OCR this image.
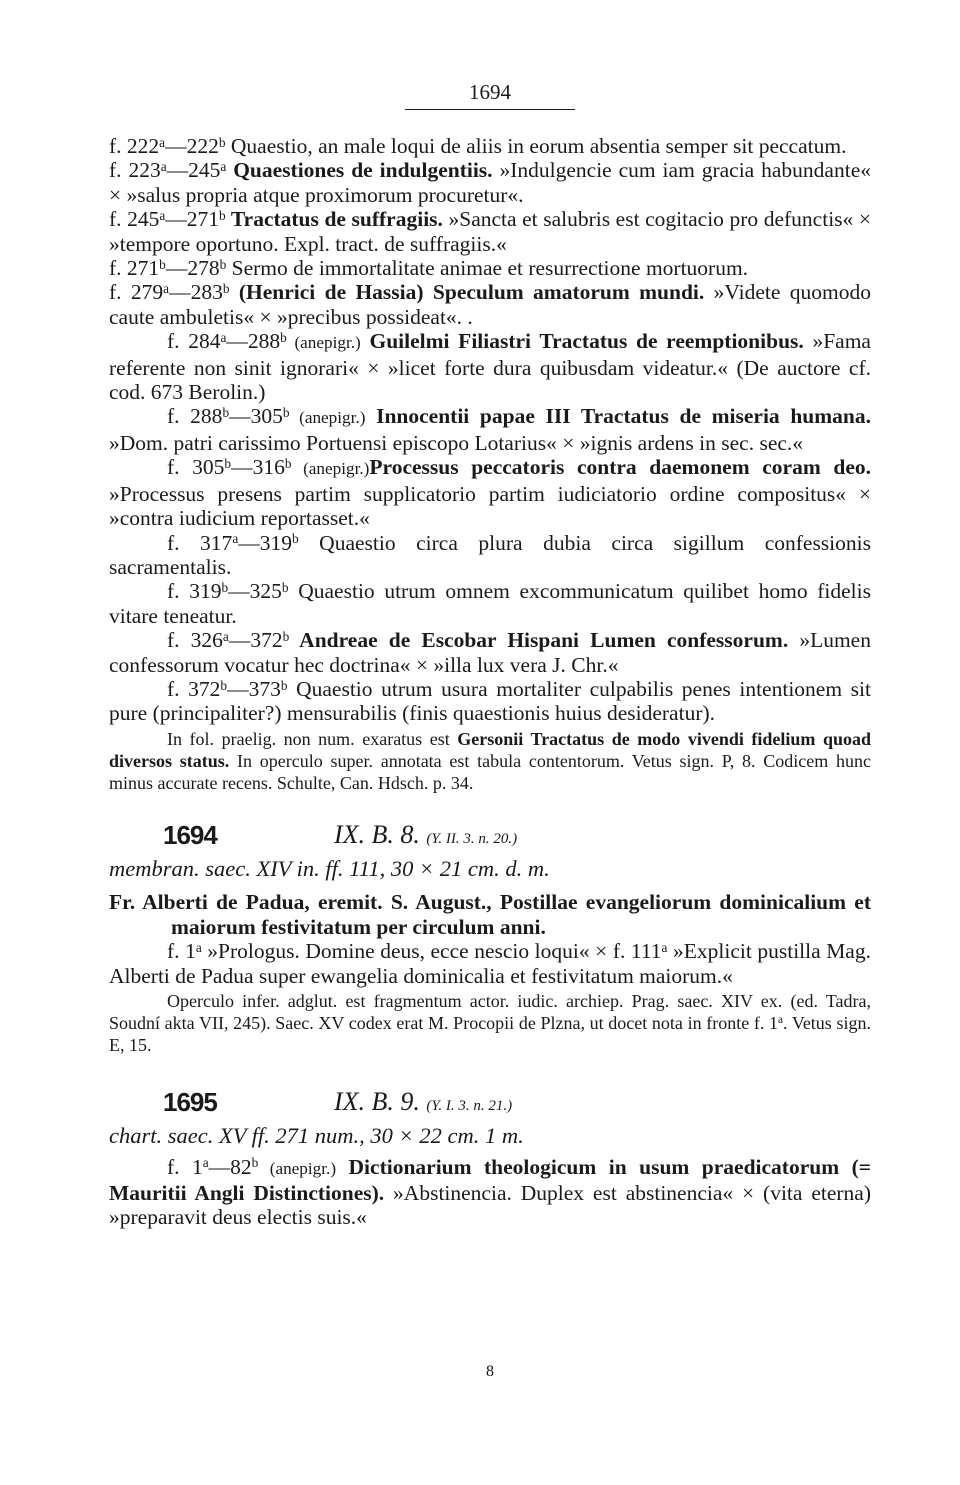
1694

f. 222$^a$—222$^b$ Quaestio, an male loqui de aliis in eorum absentia semper sit peccatum.

f. 223$^a$—245$^a$ Quaestiones de indulgentiis. »Indulgencie cum iam gracia habundante« × »salus propria atque proximorum procuretur«.

f. 245$^a$—271$^b$ Tractatus de suffragiis. »Sancta et salubris est cogitacio pro defunctis« × »tempore oportuno. Expl. tract. de suffragiis.«

f. 271$^b$—278$^b$ Sermo de immortalitate animae et resurrectione mortuorum.

f. 279$^a$—283$^b$ (Henrici de Hassia) Speculum amatorum mundi. »Videte quomodo caute ambuletis« × »precibus possideat«. .

f. 284$^a$—288$^b$ (anepigr.) Guilelmi Filiastri Tractatus de reemptionibus. »Fama referente non sinit ignorari« × »licet forte dura quibusdam videatur.« (De auctore cf. cod. 673 Berolin.)

f. 288$^b$—305$^b$ (anepigr.) Innocentii papae III Tractatus de miseria humana. »Dom. patri carissimo Portuensi episcopo Lotarius« × »ignis ardens in sec. sec.«

f. 305$^b$—316$^b$ (anepigr.)Processus peccatoris contra daemonem coram deo. »Processus presens partim supplicatorio partim iudiciatorio ordine compositus« × »contra iudicium reportasset.«

f. 317$^a$—319$^b$ Quaestio circa plura dubia circa sigillum confessionis sacramentalis.

f. 319$^b$—325$^b$ Quaestio utrum omnem excommunicatum quilibet homo fidelis vitare teneatur.

f. 326$^a$—372$^b$ Andreae de Escobar Hispani Lumen confessorum. »Lumen confessorum vocatur hec doctrina« × »illa lux vera J. Chr.«

f. 372$^b$—373$^b$ Quaestio utrum usura mortaliter culpabilis penes intentionem sit pure (principaliter?) mensurabilis (finis quaestionis huius desideratur).

In fol. praelig. non num. exaratus est Gersonii Tractatus de modo vivendi fidelium quoad diversos status. In operculo super. annotata est tabula contentorum. Vetus sign. P, 8. Codicem hunc minus accurate recens. Schulte, Can. Hdsch. p. 34.

1694	IX. B. 8. (Y. II. 3. n. 20.)

membran. saec. XIV in. ff. 111, 30 × 21 cm. d. m.

Fr. Alberti de Padua, eremit. S. August., Postillae evangeliorum dominicalium et maiorum festivitatum per circulum anni.

f. 1$^a$ »Prologus. Domine deus, ecce nescio loqui« × f. 111$^a$ »Explicit pustilla Mag. Alberti de Padua super ewangelia dominicalia et festivitatum maiorum.«

Operculo infer. adglut. est fragmentum actor. iudic. archiep. Prag. saec. XIV ex. (ed. Tadra, Soudní akta VII, 245). Saec. XV codex erat M. Procopii de Plzna, ut docet nota in fronte f. 1$^a$. Vetus sign. E, 15.

1695	IX. B. 9. (Y. I. 3. n. 21.)

chart. saec. XV ff. 271 num., 30 × 22 cm. 1 m.

f. 1$^a$—82$^b$ (anepigr.) Dictionarium theologicum in usum praedicatorum (= Mauritii Angli Distinctiones). »Abstinencia. Duplex est abstinencia« × (vita eterna) »preparavit deus electis suis.«

8
